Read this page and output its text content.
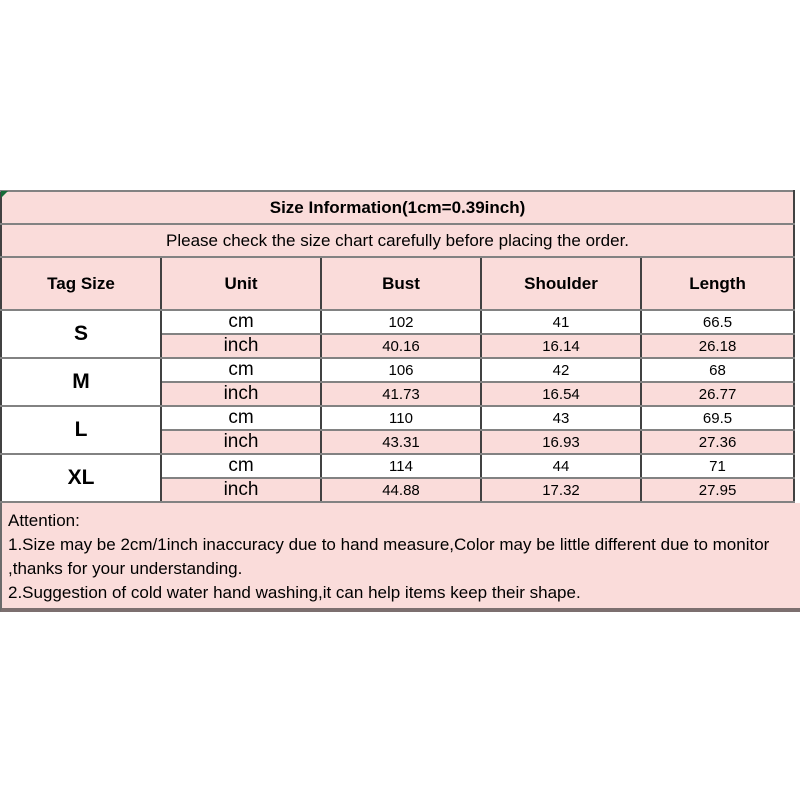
Size Information(1cm=0.39inch)				
Please check the size chart carefully before placing the order.				
Tag Size	Unit	Bust	Shoulder	Length
S	cm	102	41	66.5
	inch	40.16	16.14	26.18
M	cm	106	42	68
	inch	41.73	16.54	26.77
L	cm	110	43	69.5
	inch	43.31	16.93	27.36
XL	cm	114	44	71
	inch	44.88	17.32	27.95
Attention:
1.Size may be 2cm/1inch inaccuracy due to hand measure,Color may be little different due to monitor
,thanks for your understanding.
2.Suggestion of cold water hand washing,it can help items keep their shape.
